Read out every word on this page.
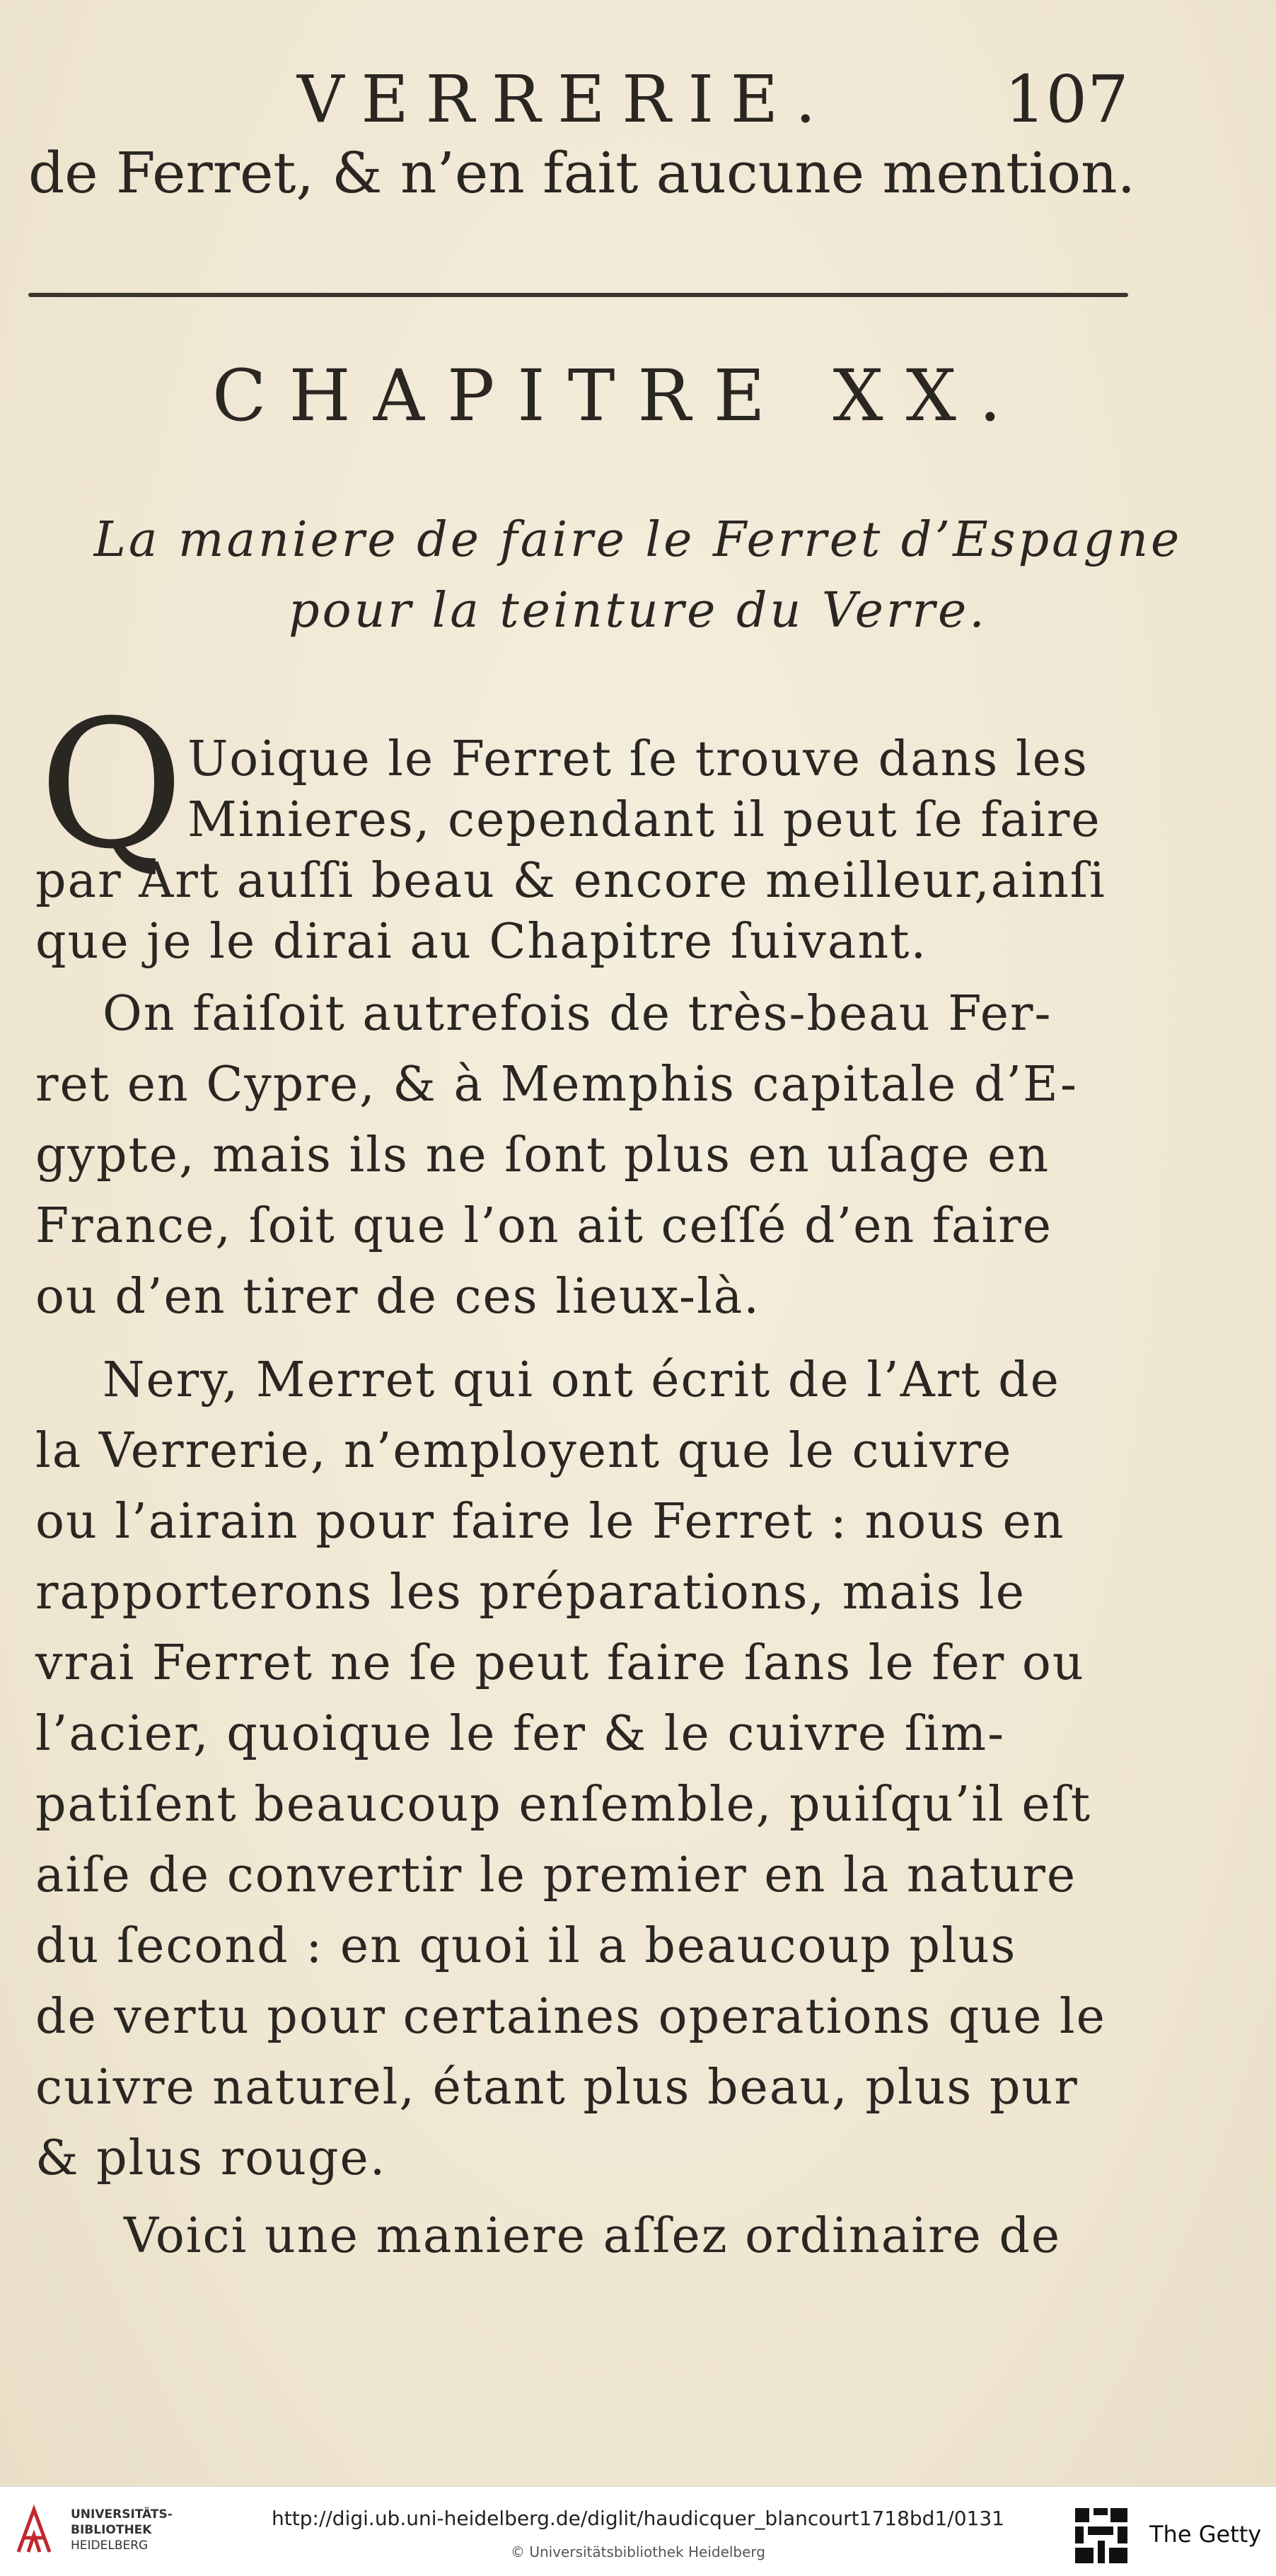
VERRERIE.	107
de Ferret, & n’en fait aucune mention.
CHAPITRE XX.
La maniere de faire le Ferret d’Espagne
pour la teinture du Verre.
Q Uoique le Ferret ſe trouve dans les
Minieres, cependant il peut ſe faire
par Art auſſi beau & encore meilleur,ainſi
que je le dirai au Chapitre ſuivant.
On faiſoit autrefois de très-beau Fer-
ret en Cypre, & à Memphis capitale d’E-
gypte, mais ils ne ſont plus en uſage en
France, ſoit que l’on ait ceſſé d’en faire
ou d’en tirer de ces lieux-là.
Nery, Merret qui ont écrit de l’Art de
la Verrerie, n’employent que le cuivre
ou l’airain pour faire le Ferret : nous en
rapporterons les préparations, mais le
vrai Ferret ne ſe peut faire ſans le fer ou
l’acier, quoique le fer & le cuivre ſim-
patiſent beaucoup enſemble, puiſqu’il eſt
aiſe de convertir le premier en la nature
du ſecond : en quoi il a beaucoup plus
de vertu pour certaines operations que le
cuivre naturel, étant plus beau, plus pur
& plus rouge.
Voici une maniere aſſez ordinaire de
UNIVERSITÄTS-
BIBLIOTHEK
HEIDELBERG
http://digi.ub.uni-heidelberg.de/diglit/haudicquer_blancourt1718bd1/0131
© Universitätsbibliothek Heidelberg
The Getty
